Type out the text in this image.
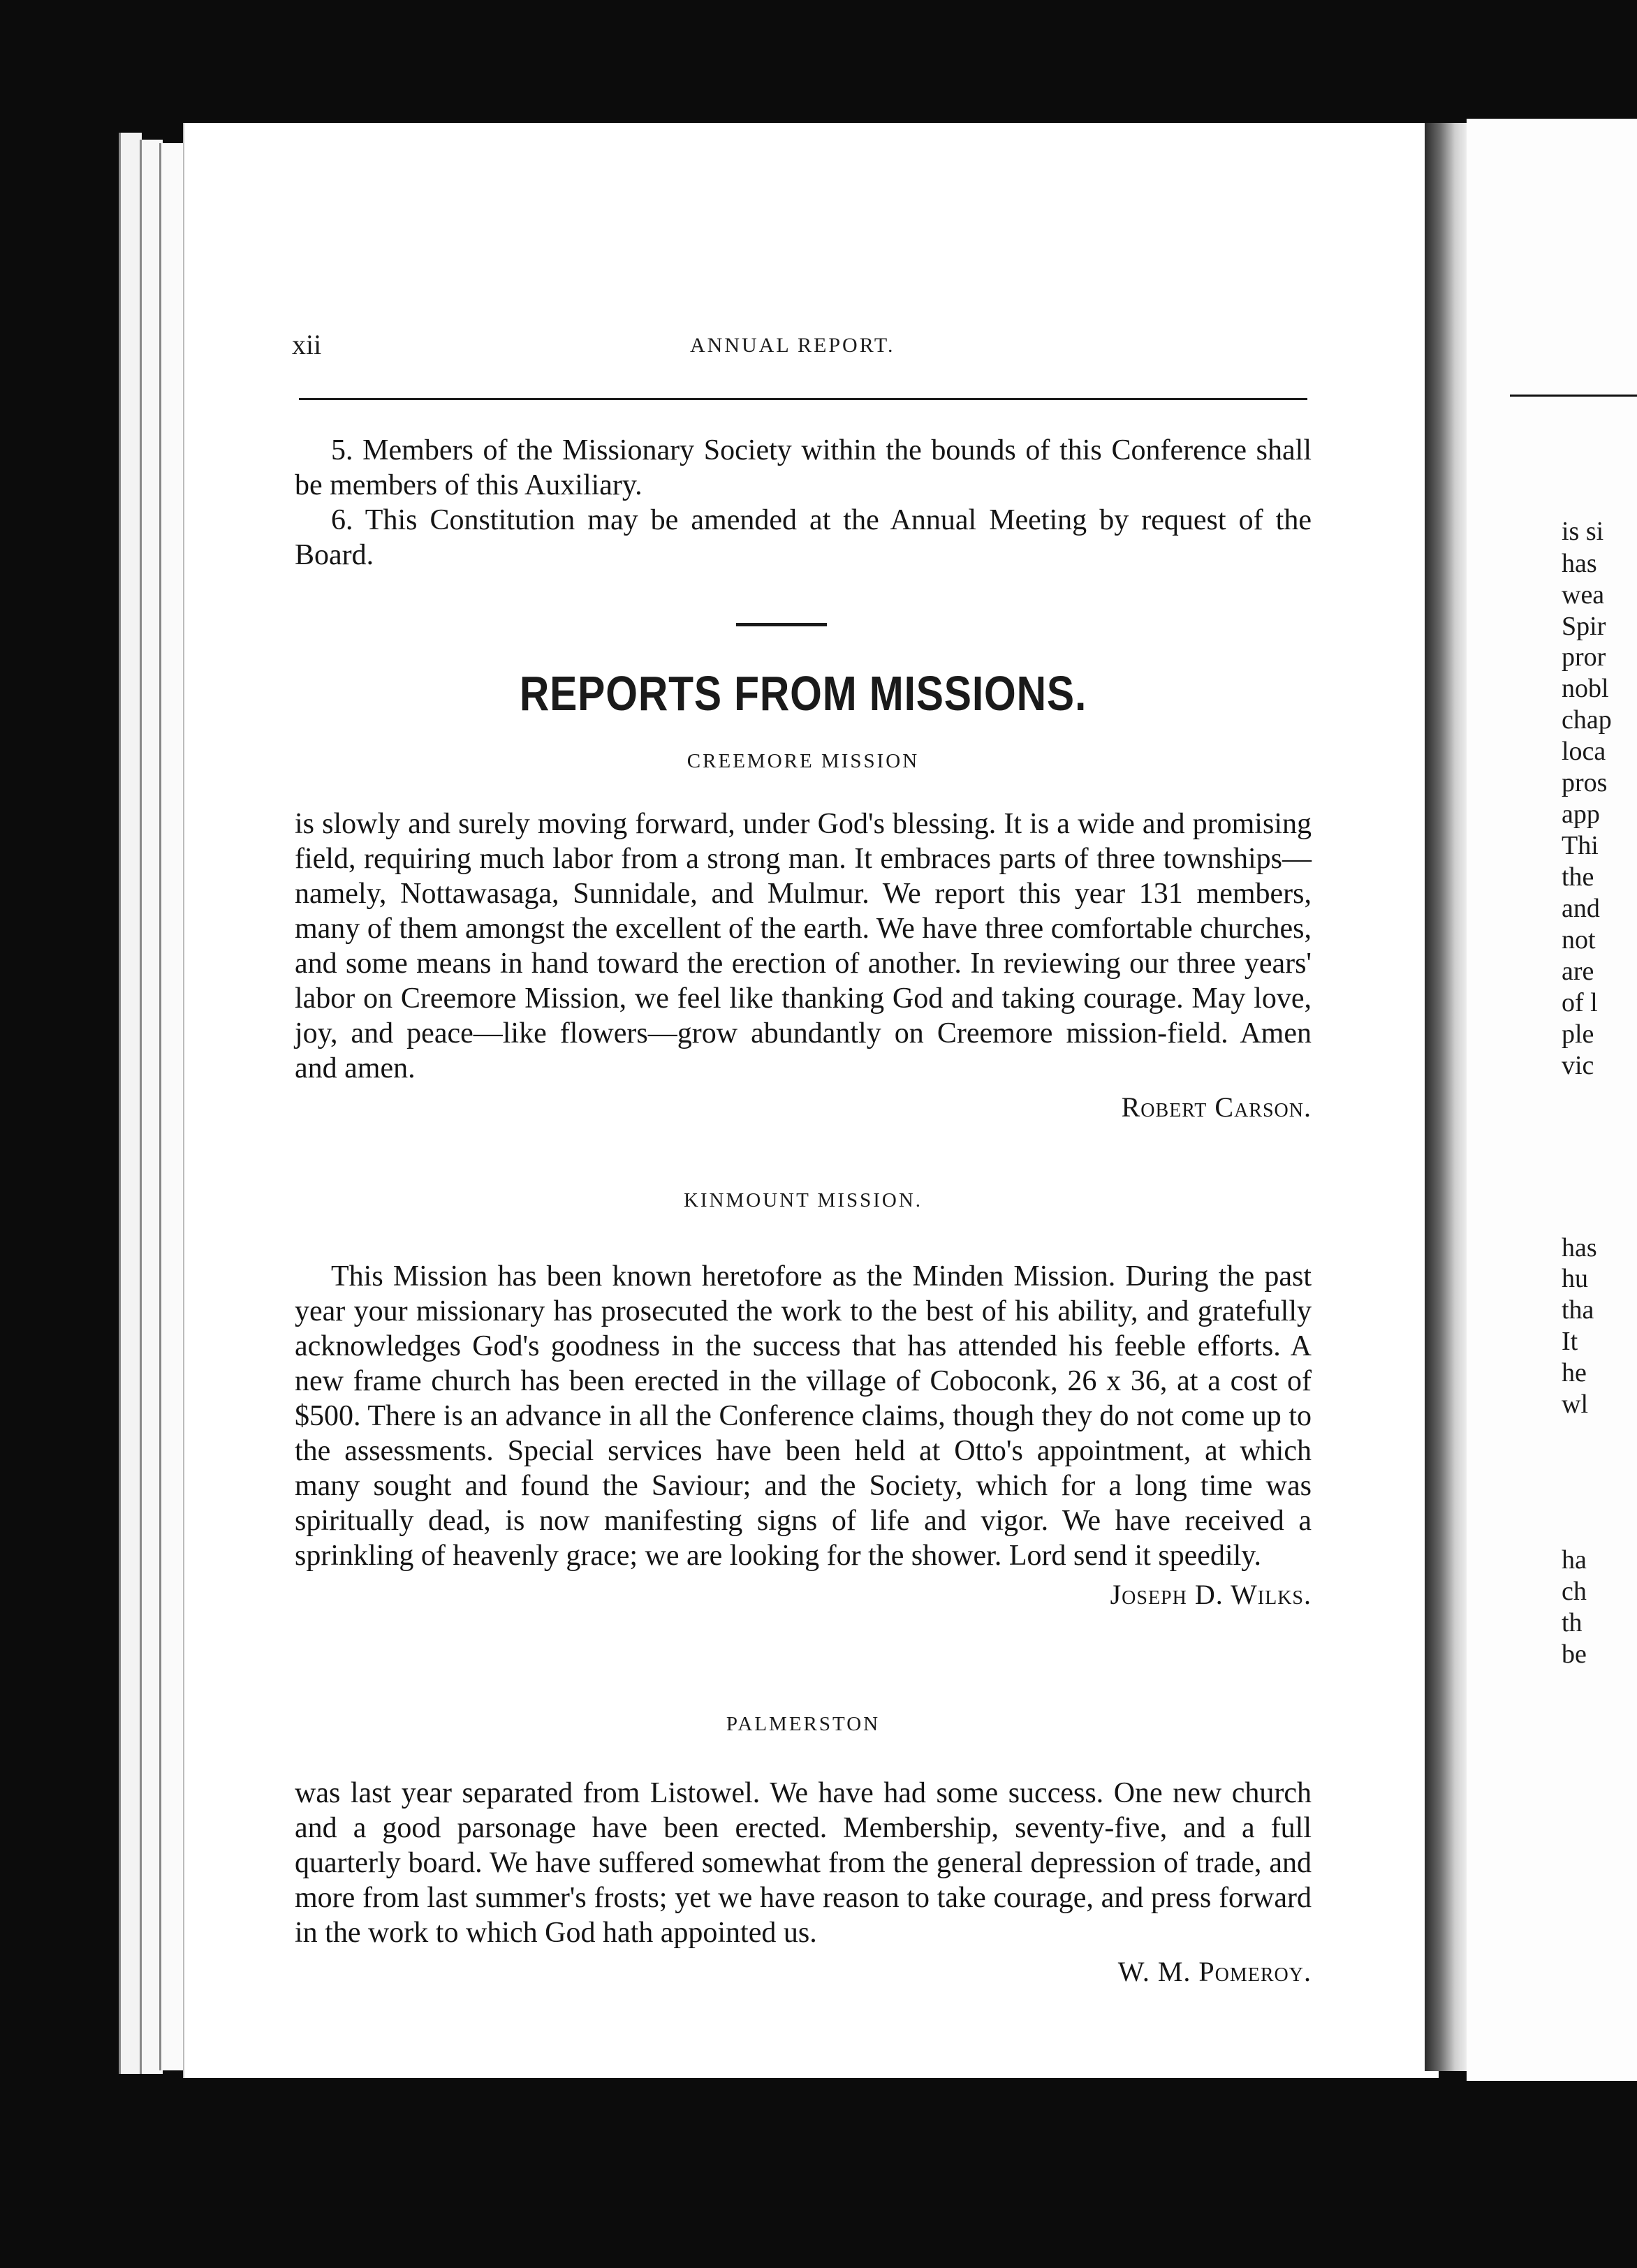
is si
has
wea
Spir
pror
nobl
chap
loca
pros
app
Thi
the
and
not
are
of l
ple
vic
has
hu
tha
It
he
wl
ha
ch
th
be
xii	ANNUAL REPORT.

5. Members of the Missionary Society within the bounds of this Conference shall be members of this Auxiliary.

6. This Constitution may be amended at the Annual Meeting by request of the Board.

REPORTS FROM MISSIONS.
CREEMORE MISSION

is slowly and surely moving forward, under God's blessing. It is a wide and promising field, requiring much labor from a strong man. It embraces parts of three townships—namely, Nottawasaga, Sunnidale, and Mulmur. We report this year 131 members, many of them amongst the excellent of the earth. We have three comfortable churches, and some means in hand toward the erection of another. In reviewing our three years' labor on Creemore Mission, we feel like thanking God and taking courage. May love, joy, and peace—like flowers—grow abundantly on Creemore mission-field. Amen and amen.

Robert Carson.
KINMOUNT MISSION.

This Mission has been known heretofore as the Minden Mission. During the past year your missionary has prosecuted the work to the best of his ability, and gratefully acknowledges God's goodness in the success that has attended his feeble efforts. A new frame church has been erected in the village of Coboconk, 26 x 36, at a cost of $500. There is an advance in all the Conference claims, though they do not come up to the assessments. Special services have been held at Otto's appointment, at which many sought and found the Saviour; and the Society, which for a long time was spiritually dead, is now manifesting signs of life and vigor. We have received a sprinkling of heavenly grace; we are looking for the shower. Lord send it speedily.

Joseph D. Wilks.
PALMERSTON

was last year separated from Listowel. We have had some success. One new church and a good parsonage have been erected. Membership, seventy-five, and a full quarterly board. We have suffered somewhat from the general depression of trade, and more from last summer's frosts; yet we have reason to take courage, and press forward in the work to which God hath appointed us.

W. M. Pomeroy.
